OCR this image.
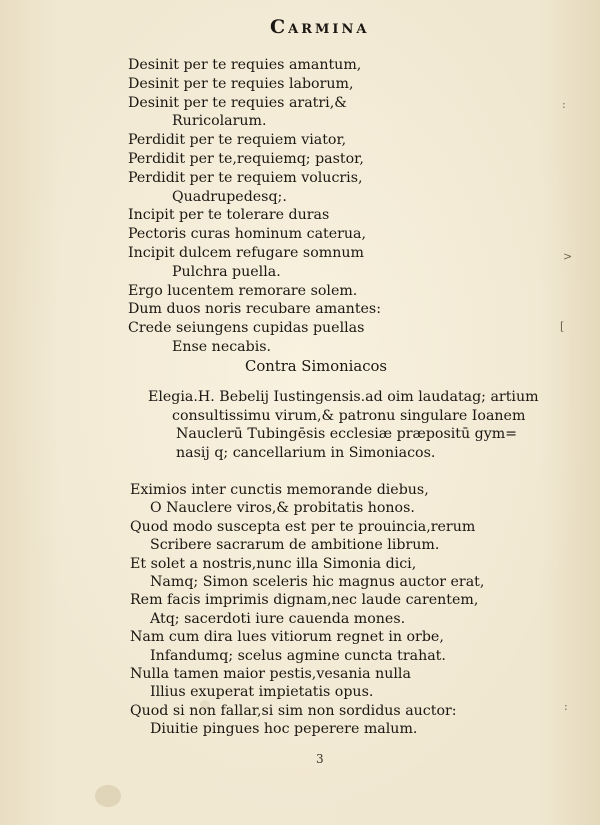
Carmina
Desinit per te requies amantum,
Desinit per te requies laborum,
Desinit per te requies aratri,&
Ruricolarum.
Perdidit per te requiem viator,
Perdidit per te,requiemq; pastor,
Perdidit per te requiem volucris,
Quadrupedesq;.
Incipit per te tolerare duras
Pectoris curas hominum caterua,
Incipit dulcem refugare somnum
Pulchra puella.
Ergo lucentem remorare solem.
Dum duos noris recubare amantes:
Crede seiungens cupidas puellas
Ense necabis.
Contra Simoniacos
Elegia.H. Bebelij Iustingensis.ad oim laudatag; artium
consultissimu virum,& patronu singulare Ioanem
Nauclerū Tubingēsis ecclesiæ præpositū gym=
nasij q; cancellarium in Simoniacos.
Eximios inter cunctis memorande diebus,
O Nauclere viros,& probitatis honos.
Quod modo suscepta est per te prouincia,rerum
Scribere sacrarum de ambitione librum.
Et solet a nostris,nunc illa Simonia dici,
Namq; Simon sceleris hic magnus auctor erat,
Rem facis imprimis dignam,nec laude carentem,
Atq; sacerdoti iure cauenda mones.
Nam cum dira lues vitiorum regnet in orbe,
Infandumq; scelus agmine cuncta trahat.
Nulla tamen maior pestis,vesania nulla
Illius exuperat impietatis opus.
Quod si non fallar,si sim non sordidus auctor:
Diuitie pingues hoc peperere malum.
3
:
[
>
:
